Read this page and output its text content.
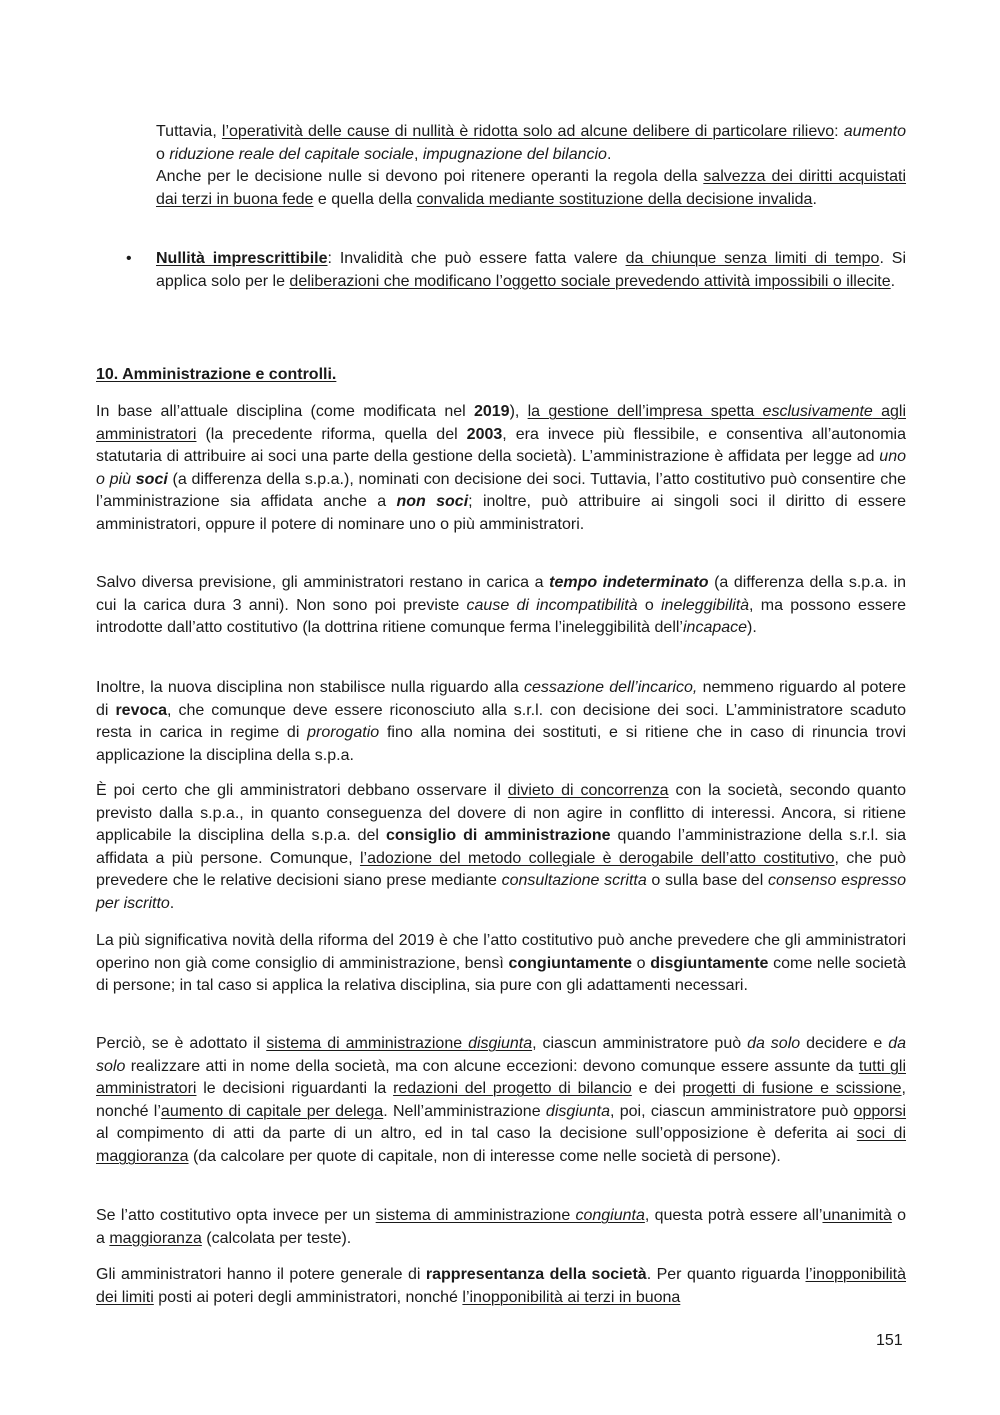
Tuttavia, l’operatività delle cause di nullità è ridotta solo ad alcune delibere di particolare rilievo: aumento o riduzione reale del capitale sociale, impugnazione del bilancio.

Anche per le decisione nulle si devono poi ritenere operanti la regola della salvezza dei diritti acquistati dai terzi in buona fede e quella della convalida mediante sostituzione della decisione invalida.

• Nullità imprescrittibile: Invalidità che può essere fatta valere da chiunque senza limiti di tempo. Si applica solo per le deliberazioni che modificano l’oggetto sociale prevedendo attività impossibili o illecite.

10. Amministrazione e controlli.

In base all’attuale disciplina (come modificata nel 2019), la gestione dell’impresa spetta esclusivamente agli amministratori (la precedente riforma, quella del 2003, era invece più flessibile, e consentiva all’autonomia statutaria di attribuire ai soci una parte della gestione della società). L’amministrazione è affidata per legge ad uno o più soci (a differenza della s.p.a.), nominati con decisione dei soci. Tuttavia, l’atto costitutivo può consentire che l’amministrazione sia affidata anche a non soci; inoltre, può attribuire ai singoli soci il diritto di essere amministratori, oppure il potere di nominare uno o più amministratori.

Salvo diversa previsione, gli amministratori restano in carica a tempo indeterminato (a differenza della s.p.a. in cui la carica dura 3 anni). Non sono poi previste cause di incompatibilità o ineleggibilità, ma possono essere introdotte dall’atto costitutivo (la dottrina ritiene comunque ferma l’ineleggibilità dell’incapace).

Inoltre, la nuova disciplina non stabilisce nulla riguardo alla cessazione dell’incarico, nemmeno riguardo al potere di revoca, che comunque deve essere riconosciuto alla s.r.l. con decisione dei soci. L’amministratore scaduto resta in carica in regime di prorogatio fino alla nomina dei sostituti, e si ritiene che in caso di rinuncia trovi applicazione la disciplina della s.p.a.

È poi certo che gli amministratori debbano osservare il divieto di concorrenza con la società, secondo quanto previsto dalla s.p.a., in quanto conseguenza del dovere di non agire in conflitto di interessi. Ancora, si ritiene applicabile la disciplina della s.p.a. del consiglio di amministrazione quando l’amministrazione della s.r.l. sia affidata a più persone. Comunque, l’adozione del metodo collegiale è derogabile dell’atto costitutivo, che può prevedere che le relative decisioni siano prese mediante consultazione scritta o sulla base del consenso espresso per iscritto.

La più significativa novità della riforma del 2019 è che l’atto costitutivo può anche prevedere che gli amministratori operino non già come consiglio di amministrazione, bensì congiuntamente o disgiuntamente come nelle società di persone; in tal caso si applica la relativa disciplina, sia pure con gli adattamenti necessari.

Perciò, se è adottato il sistema di amministrazione disgiunta, ciascun amministratore può da solo decidere e da solo realizzare atti in nome della società, ma con alcune eccezioni: devono comunque essere assunte da tutti gli amministratori le decisioni riguardanti la redazioni del progetto di bilancio e dei progetti di fusione e scissione, nonché l’aumento di capitale per delega. Nell’amministrazione disgiunta, poi, ciascun amministratore può opporsi al compimento di atti da parte di un altro, ed in tal caso la decisione sull’opposizione è deferita ai soci di maggioranza (da calcolare per quote di capitale, non di interesse come nelle società di persone).

Se l’atto costitutivo opta invece per un sistema di amministrazione congiunta, questa potrà essere all’unanimità o a maggioranza (calcolata per teste).

Gli amministratori hanno il potere generale di rappresentanza della società. Per quanto riguarda l’inopponibilità dei limiti posti ai poteri degli amministratori, nonché l’inopponibilità ai terzi in buona

151
